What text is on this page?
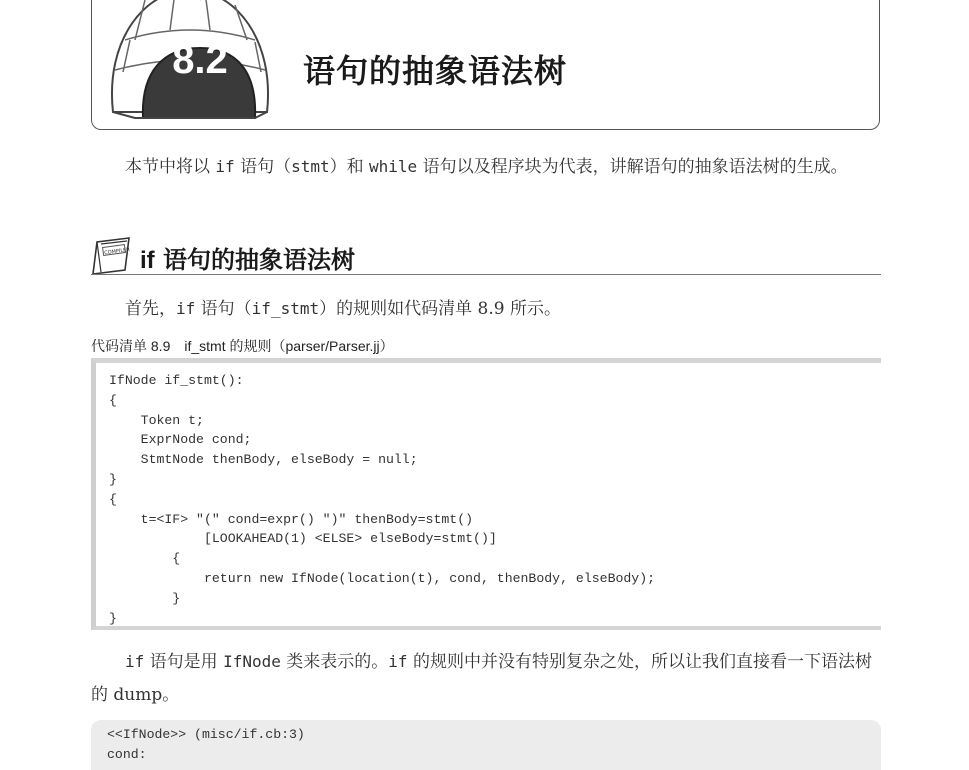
8.2	语句的抽象语法树
本节中将以 if 语句（stmt）和 while 语句以及程序块为代表，讲解语句的抽象语法树的生成。
COMPILER if 语句的抽象语法树
首先，if 语句（if_stmt）的规则如代码清单 8.9 所示。
代码清单 8.9　if_stmt 的规则（parser/Parser.jj）
IfNode if_stmt():
{
Token t;
ExprNode cond;
StmtNode thenBody, elseBody = null;
}
{
t=<IF> "(" cond=expr() ")" thenBody=stmt()
[LOOKAHEAD(1) <ELSE> elseBody=stmt()]
{
return new IfNode(location(t), cond, thenBody, elseBody);
}
}
if 语句是用 IfNode 类来表示的。if 的规则中并没有特别复杂之处，所以让我们直接看一下语法树的 dump。
<<IfNode>> (misc/if.cb:3)
cond:
